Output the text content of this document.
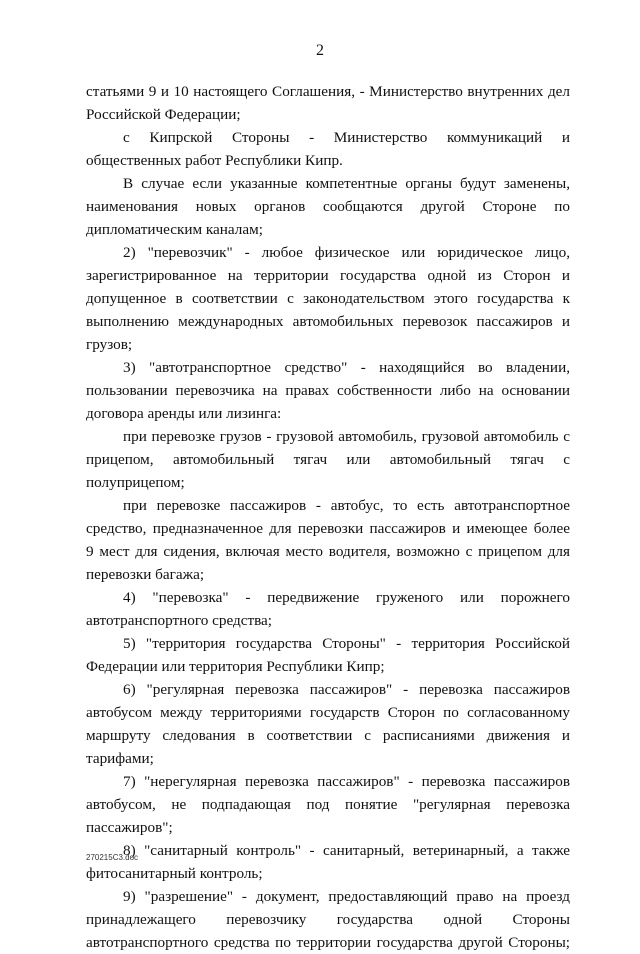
2
статьями 9 и 10 настоящего Соглашения, - Министерство внутренних дел
Российской Федерации;
с Кипрской Стороны - Министерство коммуникаций и
общественных работ Республики Кипр.
В случае если указанные компетентные органы будут заменены,
наименования новых органов сообщаются другой Стороне по
дипломатическим каналам;
2) "перевозчик" - любое физическое или юридическое лицо,
зарегистрированное на территории государства одной из Сторон и
допущенное в соответствии с законодательством этого государства к
выполнению международных автомобильных перевозок пассажиров и
грузов;
3) "автотранспортное средство" - находящийся во владении,
пользовании перевозчика на правах собственности либо на основании
договора аренды или лизинга:
при перевозке грузов - грузовой автомобиль, грузовой автомобиль с
прицепом, автомобильный тягач или автомобильный тягач с
полуприцепом;
при перевозке пассажиров - автобус, то есть автотранспортное
средство, предназначенное для перевозки пассажиров и имеющее более
9 мест для сидения, включая место водителя, возможно с прицепом для
перевозки багажа;
4) "перевозка" - передвижение груженого или порожнего
автотранспортного средства;
5) "территория государства Стороны" - территория Российской
Федерации или территория Республики Кипр;
6) "регулярная перевозка пассажиров" - перевозка пассажиров
автобусом между территориями государств Сторон по согласованному
маршруту следования в соответствии с расписаниями движения и
тарифами;
7) "нерегулярная перевозка пассажиров" - перевозка пассажиров
автобусом, не подпадающая под понятие "регулярная перевозка
пассажиров";
8) "санитарный контроль" - санитарный, ветеринарный, а также
фитосанитарный контроль;
9) "разрешение" - документ, предоставляющий право на проезд
принадлежащего перевозчику государства одной Стороны
автотранспортного средства по территории государства другой Стороны;
270215C3.doc
